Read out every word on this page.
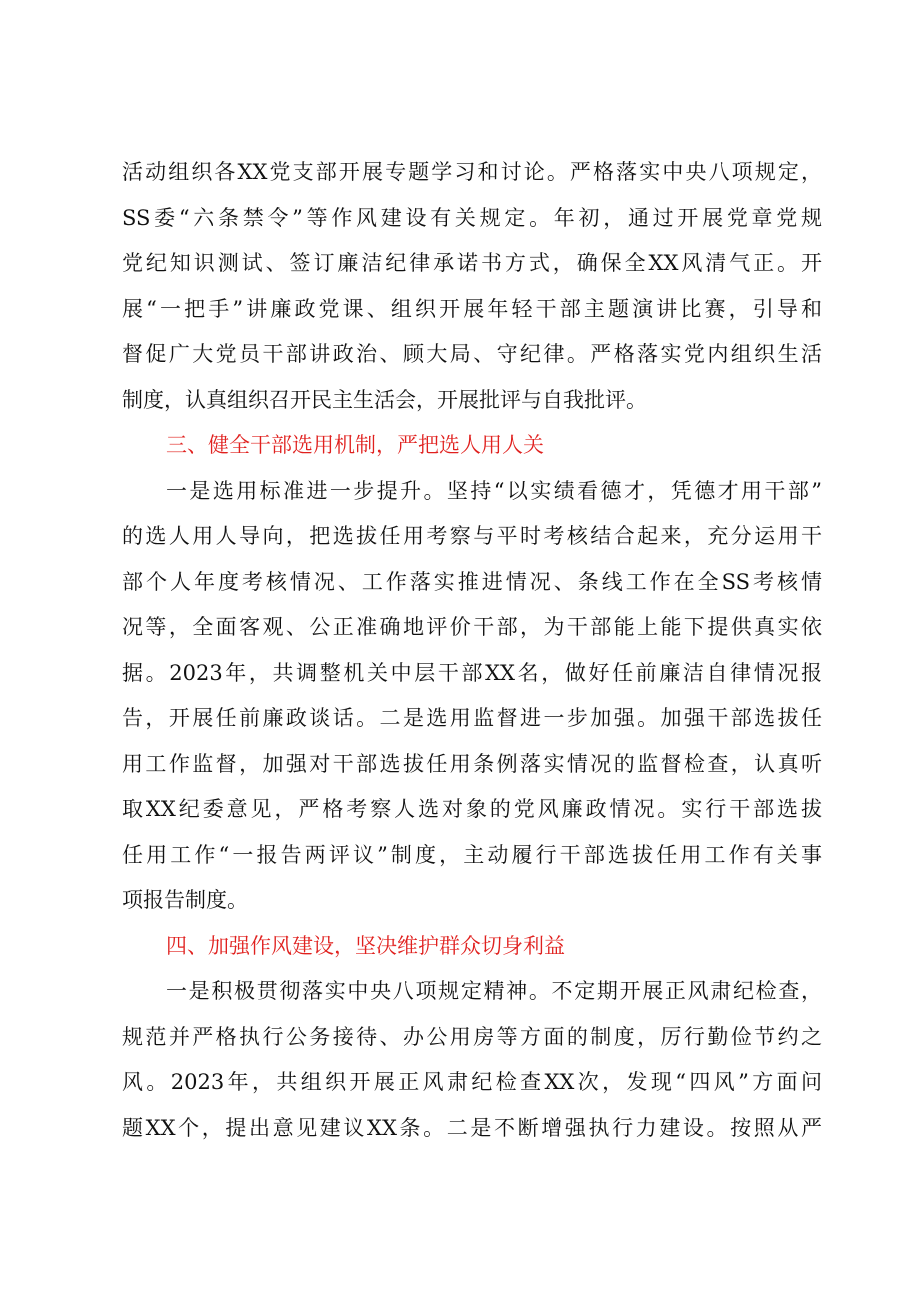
活动组织各XX党支部开展专题学习和讨论。严格落实中央八项规定，
SS委“六条禁令”等作风建设有关规定。年初，通过开展党章党规
党纪知识测试、签订廉洁纪律承诺书方式，确保全XX风清气正。开
展“一把手”讲廉政党课、组织开展年轻干部主题演讲比赛，引导和
督促广大党员干部讲政治、顾大局、守纪律。严格落实党内组织生活
制度，认真组织召开民主生活会，开展批评与自我批评。
三、健全干部选用机制，严把选人用人关
一是选用标准进一步提升。坚持“以实绩看德才，凭德才用干部”
的选人用人导向，把选拔任用考察与平时考核结合起来，充分运用干
部个人年度考核情况、工作落实推进情况、条线工作在全SS考核情
况等，全面客观、公正准确地评价干部，为干部能上能下提供真实依
据。2023年，共调整机关中层干部XX名，做好任前廉洁自律情况报
告，开展任前廉政谈话。二是选用监督进一步加强。加强干部选拔任
用工作监督，加强对干部选拔任用条例落实情况的监督检查，认真听
取XX纪委意见，严格考察人选对象的党风廉政情况。实行干部选拔
任用工作“一报告两评议”制度，主动履行干部选拔任用工作有关事
项报告制度。
四、加强作风建设，坚决维护群众切身利益
一是积极贯彻落实中央八项规定精神。不定期开展正风肃纪检查，
规范并严格执行公务接待、办公用房等方面的制度，厉行勤俭节约之
风。2023年，共组织开展正风肃纪检查XX次，发现“四风”方面问
题XX个，提出意见建议XX条。二是不断增强执行力建设。按照从严
